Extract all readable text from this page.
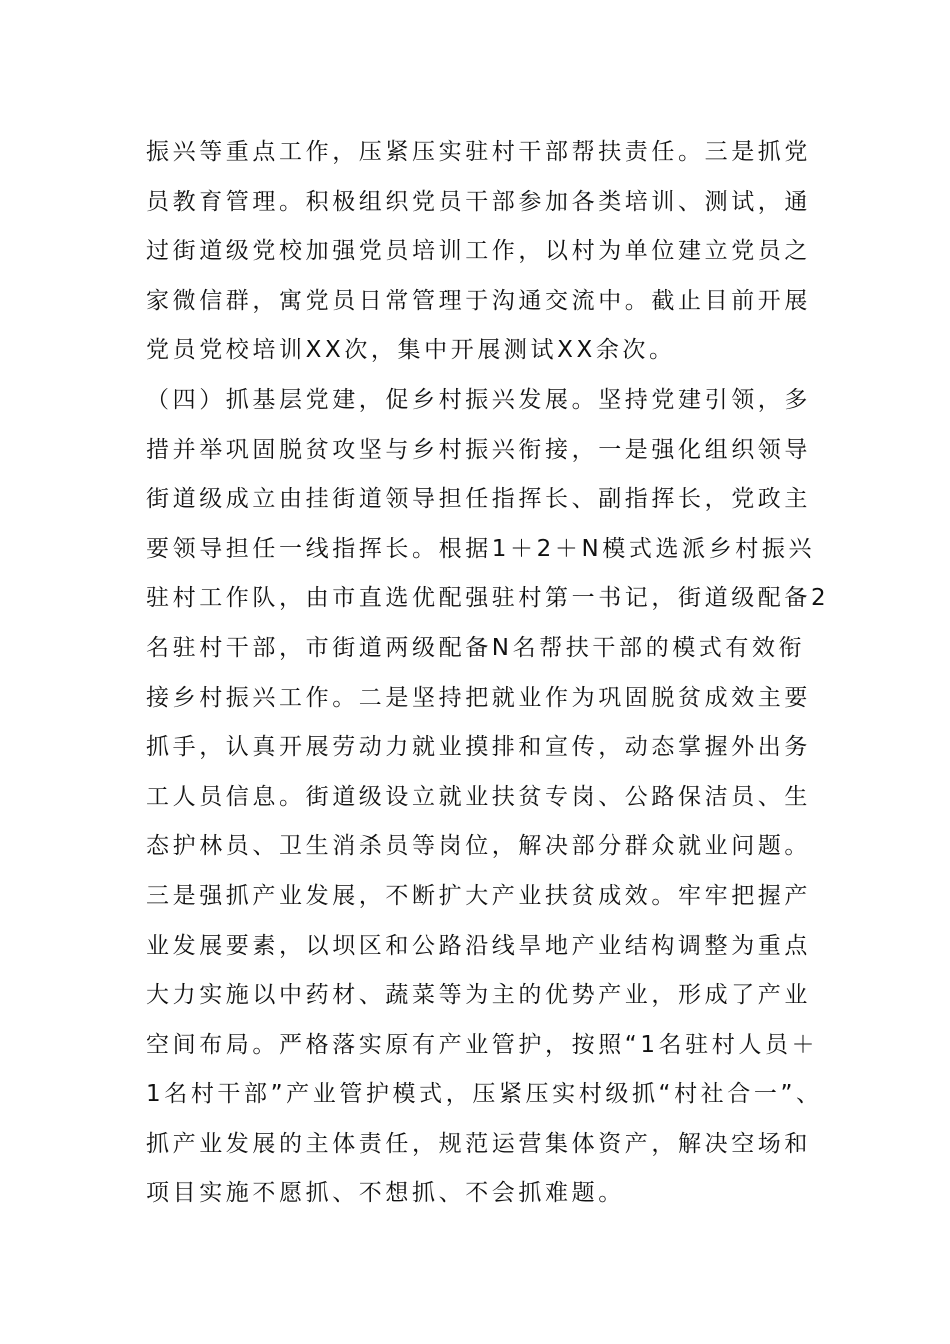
振兴等重点工作，压紧压实驻村干部帮扶责任。三是抓党
员教育管理。积极组织党员干部参加各类培训、测试，通
过街道级党校加强党员培训工作，以村为单位建立党员之
家微信群，寓党员日常管理于沟通交流中。截止目前开展
党员党校培训XX次，集中开展测试XX余次。
（四）抓基层党建，促乡村振兴发展。坚持党建引领，多
措并举巩固脱贫攻坚与乡村振兴衔接，一是强化组织领导
街道级成立由挂街道领导担任指挥长、副指挥长，党政主
要领导担任一线指挥长。根据1＋2＋N模式选派乡村振兴
驻村工作队，由市直选优配强驻村第一书记，街道级配备2
名驻村干部，市街道两级配备N名帮扶干部的模式有效衔
接乡村振兴工作。二是坚持把就业作为巩固脱贫成效主要
抓手，认真开展劳动力就业摸排和宣传，动态掌握外出务
工人员信息。街道级设立就业扶贫专岗、公路保洁员、生
态护林员、卫生消杀员等岗位，解决部分群众就业问题。
三是强抓产业发展，不断扩大产业扶贫成效。牢牢把握产
业发展要素，以坝区和公路沿线旱地产业结构调整为重点
大力实施以中药材、蔬菜等为主的优势产业，形成了产业
空间布局。严格落实原有产业管护，按照“1名驻村人员＋
1名村干部”产业管护模式，压紧压实村级抓“村社合一”、
抓产业发展的主体责任，规范运营集体资产，解决空场和
项目实施不愿抓、不想抓、不会抓难题。
